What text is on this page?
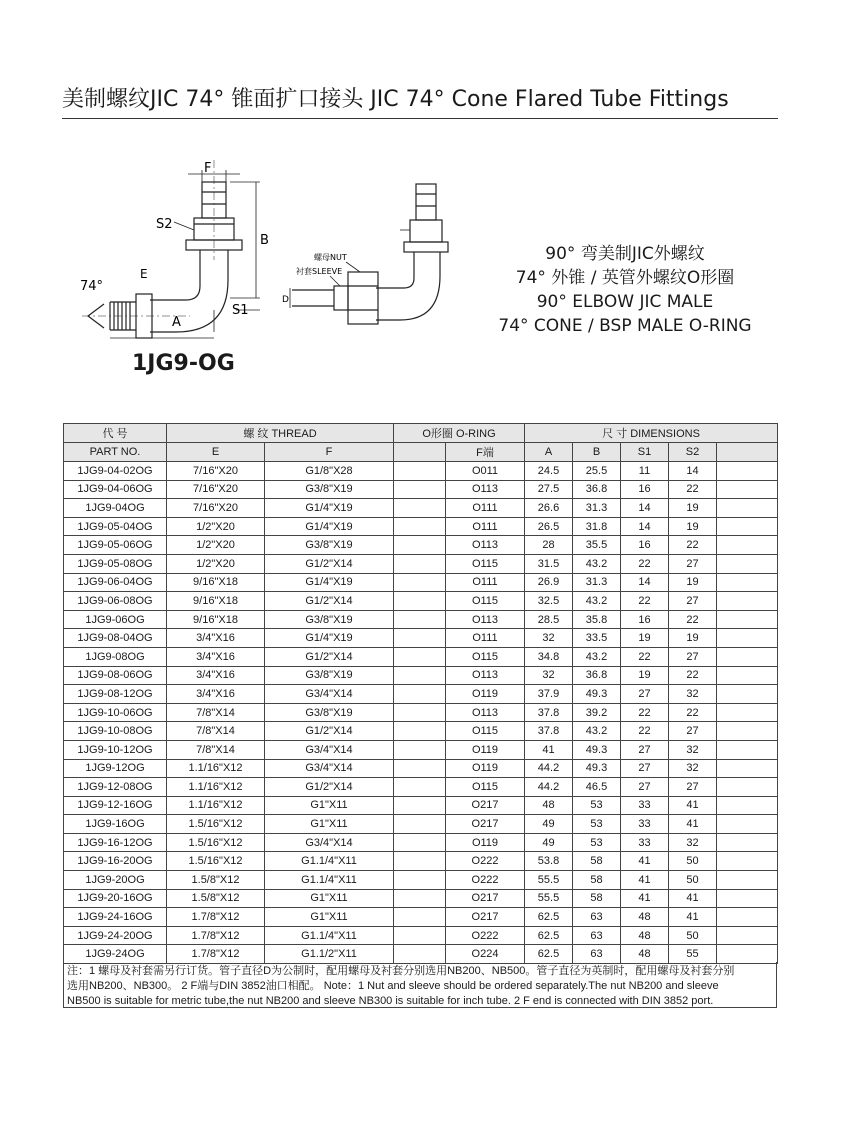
美制螺纹JIC 74° 锥面扩口接头 JIC 74° Cone Flared Tube Fittings
F
S2
B
74°
E
A
S1
螺母NUT
衬套SLEEVE
D
90° 弯美制JIC外螺纹
74° 外锥 / 英管外螺纹O形圈
90° ELBOW JIC MALE
74° CONE / BSP MALE O-RING
1JG9-OG
代 号	螺 纹 THREAD		O形圈 O-RING		尺 寸 DIMENSIONS				
PART NO.	E	F		F端	A	B	S1	S2	
1JG9-04-02OG	7/16"X20	G1/8"X28		O011	24.5	25.5	11	14	
1JG9-04-06OG	7/16"X20	G3/8"X19		O113	27.5	36.8	16	22	
1JG9-04OG	7/16"X20	G1/4"X19		O111	26.6	31.3	14	19	
1JG9-05-04OG	1/2"X20	G1/4"X19		O111	26.5	31.8	14	19	
1JG9-05-06OG	1/2"X20	G3/8"X19		O113	28	35.5	16	22	
1JG9-05-08OG	1/2"X20	G1/2"X14		O115	31.5	43.2	22	27	
1JG9-06-04OG	9/16"X18	G1/4"X19		O111	26.9	31.3	14	19	
1JG9-06-08OG	9/16"X18	G1/2"X14		O115	32.5	43.2	22	27	
1JG9-06OG	9/16"X18	G3/8"X19		O113	28.5	35.8	16	22	
1JG9-08-04OG	3/4"X16	G1/4"X19		O111	32	33.5	19	19	
1JG9-08OG	3/4"X16	G1/2"X14		O115	34.8	43.2	22	27	
1JG9-08-06OG	3/4"X16	G3/8"X19		O113	32	36.8	19	22	
1JG9-08-12OG	3/4"X16	G3/4"X14		O119	37.9	49.3	27	32	
1JG9-10-06OG	7/8"X14	G3/8"X19		O113	37.8	39.2	22	22	
1JG9-10-08OG	7/8"X14	G1/2"X14		O115	37.8	43.2	22	27	
1JG9-10-12OG	7/8"X14	G3/4"X14		O119	41	49.3	27	32	
1JG9-12OG	1.1/16"X12	G3/4"X14		O119	44.2	49.3	27	32	
1JG9-12-08OG	1.1/16"X12	G1/2"X14		O115	44.2	46.5	27	27	
1JG9-12-16OG	1.1/16"X12	G1"X11		O217	48	53	33	41	
1JG9-16OG	1.5/16"X12	G1"X11		O217	49	53	33	41	
1JG9-16-12OG	1.5/16"X12	G3/4"X14		O119	49	53	33	32	
1JG9-16-20OG	1.5/16"X12	G1.1/4"X11		O222	53.8	58	41	50	
1JG9-20OG	1.5/8"X12	G1.1/4"X11		O222	55.5	58	41	50	
1JG9-20-16OG	1.5/8"X12	G1"X11		O217	55.5	58	41	41	
1JG9-24-16OG	1.7/8"X12	G1"X11		O217	62.5	63	48	41	
1JG9-24-20OG	1.7/8"X12	G1.1/4"X11		O222	62.5	63	48	50	
1JG9-24OG	1.7/8"X12	G1.1/2"X11		O224	62.5	63	48	55	
注：1 螺母及衬套需另行订货。管子直径D为公制时，配用螺母及衬套分别选用NB200、NB500。管子直径为英制时，配用螺母及衬套分别
选用NB200、NB300。 2 F端与DIN 3852油口相配。 Note：1 Nut and sleeve should be ordered separately.The nut NB200 and sleeve
NB500 is suitable for metric tube,the nut NB200 and sleeve NB300 is suitable for inch tube. 2 F end is connected with DIN 3852 port.
